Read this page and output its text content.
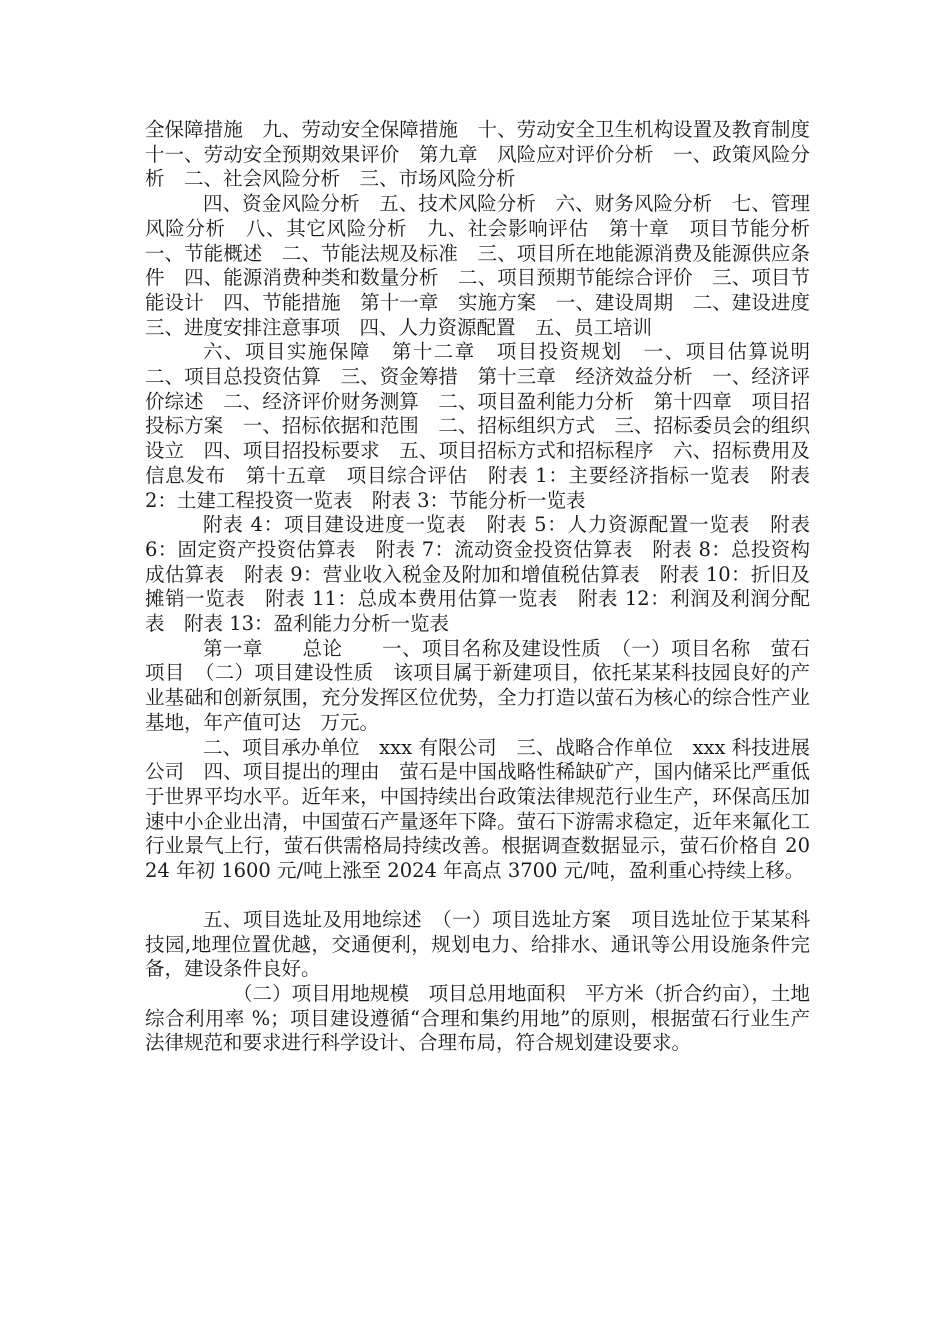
全保障措施　九、劳动安全保障措施　十、劳动安全卫生机构设置及教育制度　十一、劳动安全预期效果评价　第九章　风险应对评价分析　一、政策风险分析　二、社会风险分析　三、市场风险分析

四、资金风险分析　五、技术风险分析　六、财务风险分析　七、管理风险分析　八、其它风险分析　九、社会影响评估　第十章　项目节能分析　一、节能概述　二、节能法规及标准　三、项目所在地能源消费及能源供应条件　四、能源消费种类和数量分析　二、项目预期节能综合评价　三、项目节能设计　四、节能措施　第十一章　实施方案　一、建设周期　二、建设进度　三、进度安排注意事项　四、人力资源配置　五、员工培训

六、项目实施保障　第十二章　项目投资规划　一、项目估算说明　二、项目总投资估算　三、资金筹措　第十三章　经济效益分析　一、经济评价综述　二、经济评价财务测算　二、项目盈利能力分析　第十四章　项目招投标方案　一、招标依据和范围　二、招标组织方式　三、招标委员会的组织设立　四、项目招投标要求　五、项目招标方式和招标程序　六、招标费用及信息发布　第十五章　项目综合评估　附表 1：主要经济指标一览表　附表 2：土建工程投资一览表　附表 3：节能分析一览表

附表 4：项目建设进度一览表　附表 5：人力资源配置一览表　附表 6：固定资产投资估算表　附表 7：流动资金投资估算表　附表 8：总投资构成估算表　附表 9：营业收入税金及附加和增值税估算表　附表 10：折旧及摊销一览表　附表 11：总成本费用估算一览表　附表 12：利润及利润分配表　附表 13：盈利能力分析一览表

第一章　　总论　　一、项目名称及建设性质　（一）项目名称　萤石项目　（二）项目建设性质　该项目属于新建项目，依托某某科技园良好的产业基础和创新氛围，充分发挥区位优势，全力打造以萤石为核心的综合性产业基地，年产值可达　万元。

二、项目承办单位　xxx 有限公司　三、战略合作单位　xxx 科技进展公司　四、项目提出的理由　萤石是中国战略性稀缺矿产，国内储采比严重低于世界平均水平。近年来，中国持续出台政策法律规范行业生产，环保高压加速中小企业出清，中国萤石产量逐年下降。萤石下游需求稳定，近年来氟化工行业景气上行，萤石供需格局持续改善。根据调查数据显示，萤石价格自 2024 年初 1600 元/吨上涨至 2024 年高点 3700 元/吨，盈利重心持续上移。

五、项目选址及用地综述　（一）项目选址方案　项目选址位于某某科技园,地理位置优越，交通便利，规划电力、给排水、通讯等公用设施条件完备，建设条件良好。

（二）项目用地规模　项目总用地面积　平方米（折合约亩），土地综合利用率 %；项目建设遵循“合理和集约用地”的原则，根据萤石行业生产法律规范和要求进行科学设计、合理布局，符合规划建设要求。
